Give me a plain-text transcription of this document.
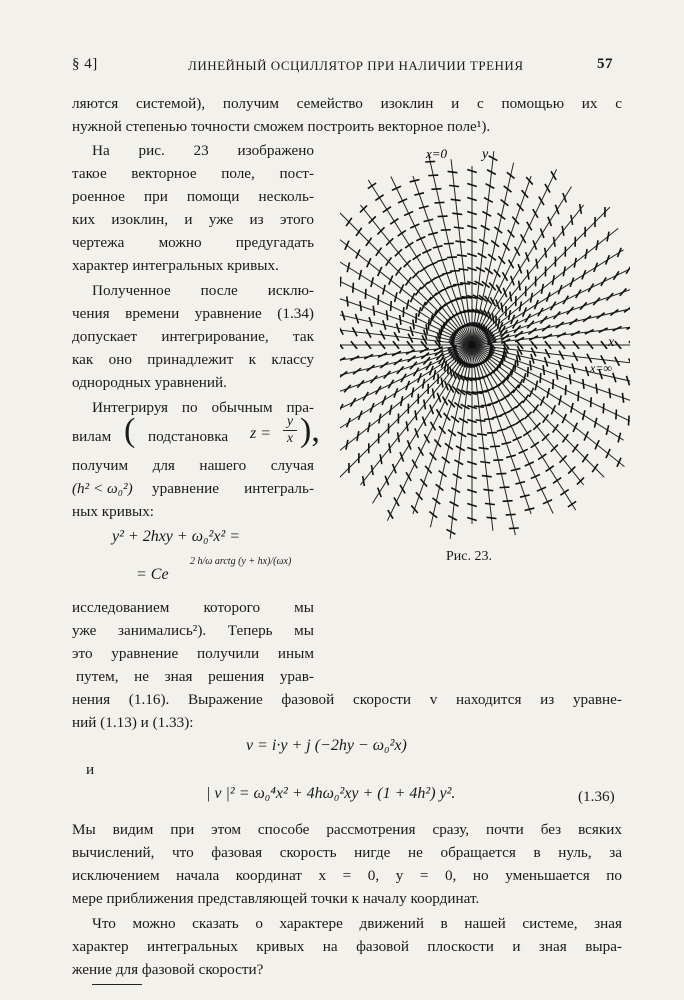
§ 4]	ЛИНЕЙНЫЙ ОСЦИЛЛЯТОР ПРИ НАЛИЧИИ ТРЕНИЯ	57
ляются системой), получим семейство изоклин и с помощью их с
нужной степенью точности сможем построить векторное поле¹).
На рис. 23 изображено
такое векторное поле, пост-
роенное при помощи несколь-
ких изоклин, и уже из этого
чертежа можно предугадать
характер интегральных кривых.
Полученное после исклю-
чения времени уравнение (1.34)
допускает интегрирование, так
как оно принадлежит к классу
однородных уравнений.
Интегрируя по обычным пра-
вилам ( подстановка z =
y
x ),
получим для нашего случая
(h² < ω₀²) уравнение интеграль-
ных кривых:
y² + 2hxy + ω₀²x² =
= Ce
2 h/ω arctg (y + hx)/(ωx)
исследованием которого мы
уже занимались²). Теперь мы
это уравнение получили иным
путем, не зная решения урав-
нения (1.16). Выражение фазовой скорости v находится из уравне-
ний (1.13) и (1.33):
v = i·y + j (−2hy − ω₀²x)
и
| v |² = ω₀⁴x² + 4hω₀²xy + (1 + 4h²) y².	(1.36)
Мы видим при этом способе рассмотрения сразу, почти без всяких
вычислений, что фазовая скорость нигде не обращается в нуль, за
исключением начала координат x = 0, y = 0, но уменьшается по
мере приближения представляющей точки к началу координат.
Что можно сказать о характере движений в нашей системе, зная
характер интегральных кривых на фазовой плоскости и зная выра-
жение для фазовой скорости?
x=0 y
x
x=∞
Рис. 23.
